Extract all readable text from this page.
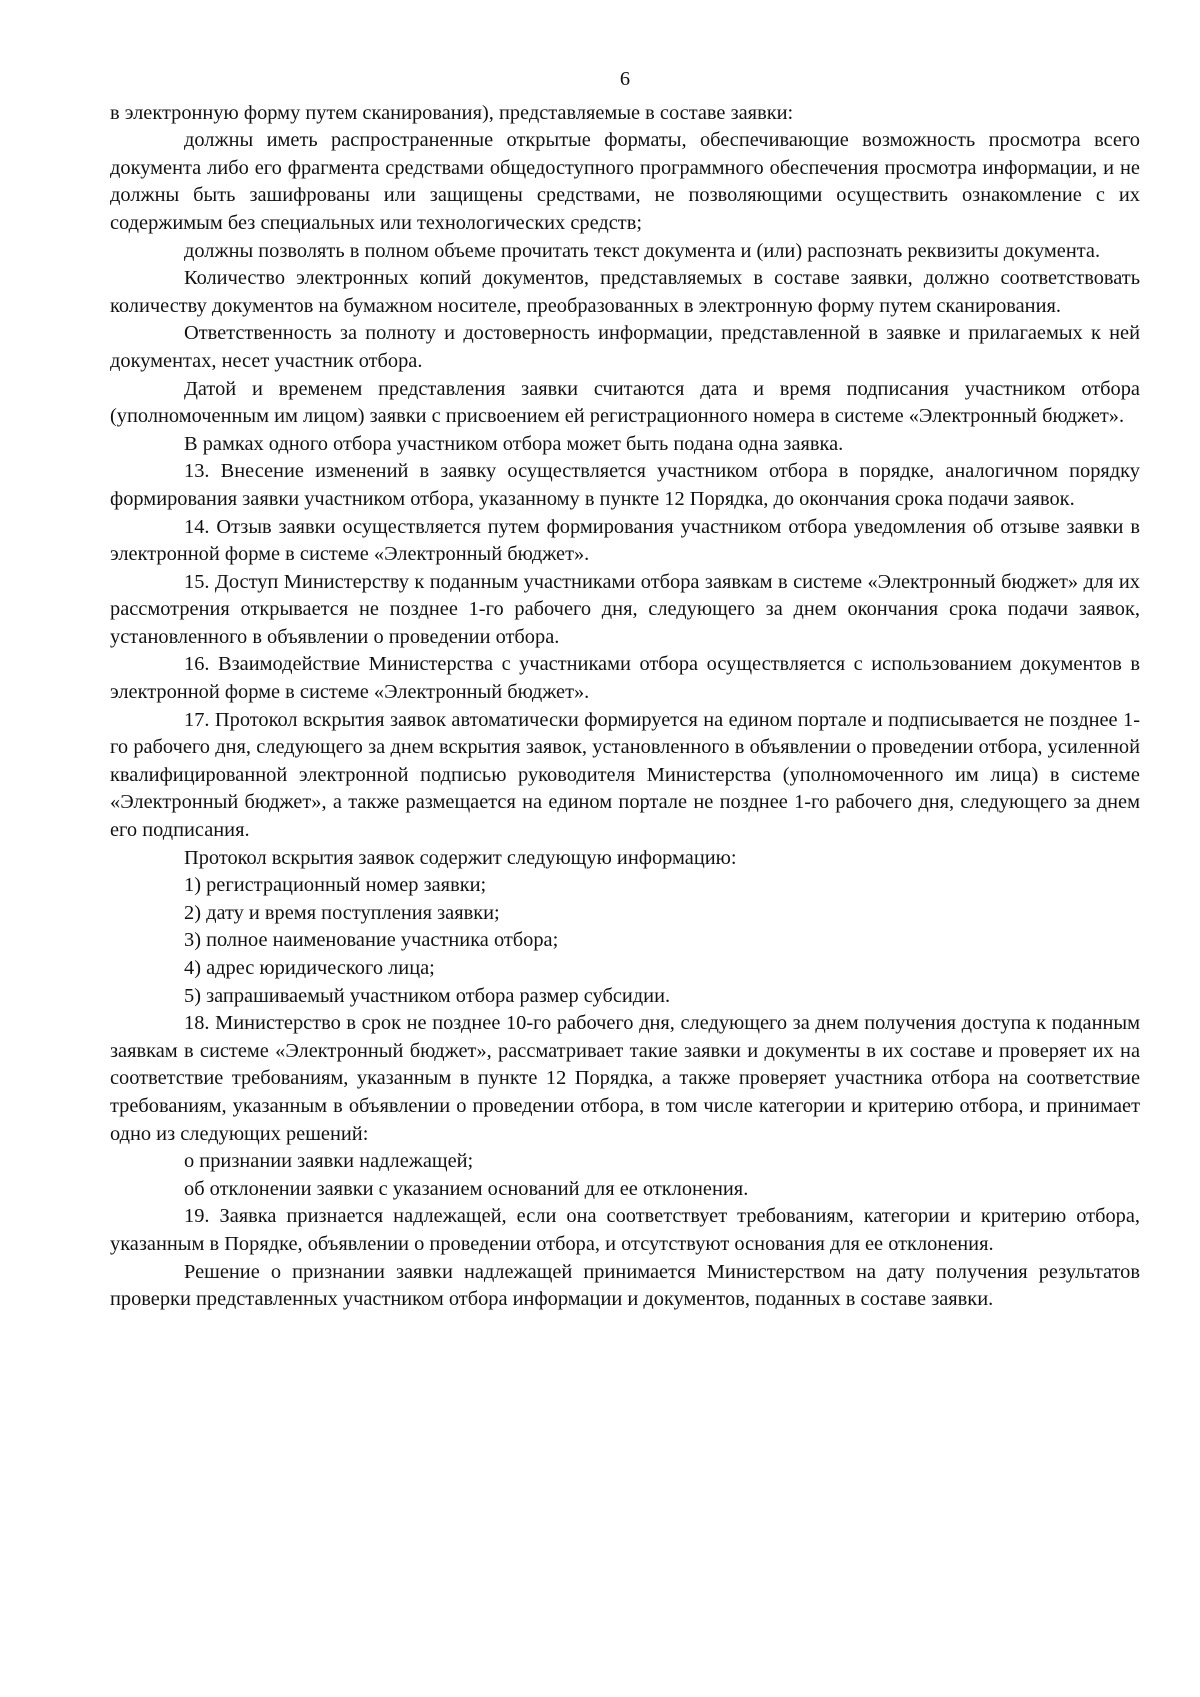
6

в электронную форму путем сканирования), представляемые в составе заявки:

должны иметь распространенные открытые форматы, обеспечивающие возможность просмотра всего документа либо его фрагмента средствами общедоступного программного обеспечения просмотра информации, и не должны быть зашифрованы или защищены средствами, не позволяющими осуществить ознакомление с их содержимым без специальных или технологических средств;

должны позволять в полном объеме прочитать текст документа и (или) распознать реквизиты документа.

Количество электронных копий документов, представляемых в составе заявки, должно соответствовать количеству документов на бумажном носителе, преобразованных в электронную форму путем сканирования.

Ответственность за полноту и достоверность информации, представленной в заявке и прилагаемых к ней документах, несет участник отбора.

Датой и временем представления заявки считаются дата и время подписания участником отбора (уполномоченным им лицом) заявки с присвоением ей регистрационного номера в системе «Электронный бюджет».

В рамках одного отбора участником отбора может быть подана одна заявка.

13. Внесение изменений в заявку осуществляется участником отбора в порядке, аналогичном порядку формирования заявки участником отбора, указанному в пункте 12 Порядка, до окончания срока подачи заявок.

14. Отзыв заявки осуществляется путем формирования участником отбора уведомления об отзыве заявки в электронной форме в системе «Электронный бюджет».

15. Доступ Министерству к поданным участниками отбора заявкам в системе «Электронный бюджет» для их рассмотрения открывается не позднее 1-го рабочего дня, следующего за днем окончания срока подачи заявок, установленного в объявлении о проведении отбора.

16. Взаимодействие Министерства с участниками отбора осуществляется с использованием документов в электронной форме в системе «Электронный бюджет».

17. Протокол вскрытия заявок автоматически формируется на едином портале и подписывается не позднее 1-го рабочего дня, следующего за днем вскрытия заявок, установленного в объявлении о проведении отбора, усиленной квалифицированной электронной подписью руководителя Министерства (уполномоченного им лица) в системе «Электронный бюджет», а также размещается на едином портале не позднее 1-го рабочего дня, следующего за днем его подписания.

Протокол вскрытия заявок содержит следующую информацию:

1) регистрационный номер заявки;

2) дату и время поступления заявки;

3) полное наименование участника отбора;

4) адрес юридического лица;

5) запрашиваемый участником отбора размер субсидии.

18. Министерство в срок не позднее 10-го рабочего дня, следующего за днем получения доступа к поданным заявкам в системе «Электронный бюджет», рассматривает такие заявки и документы в их составе и проверяет их на соответствие требованиям, указанным в пункте 12 Порядка, а также проверяет участника отбора на соответствие требованиям, указанным в объявлении о проведении отбора, в том числе категории и критерию отбора, и принимает одно из следующих решений:

о признании заявки надлежащей;

об отклонении заявки с указанием оснований для ее отклонения.

19. Заявка признается надлежащей, если она соответствует требованиям, категории и критерию отбора, указанным в Порядке, объявлении о проведении отбора, и отсутствуют основания для ее отклонения.

Решение о признании заявки надлежащей принимается Министерством на дату получения результатов проверки представленных участником отбора информации и документов, поданных в составе заявки.
